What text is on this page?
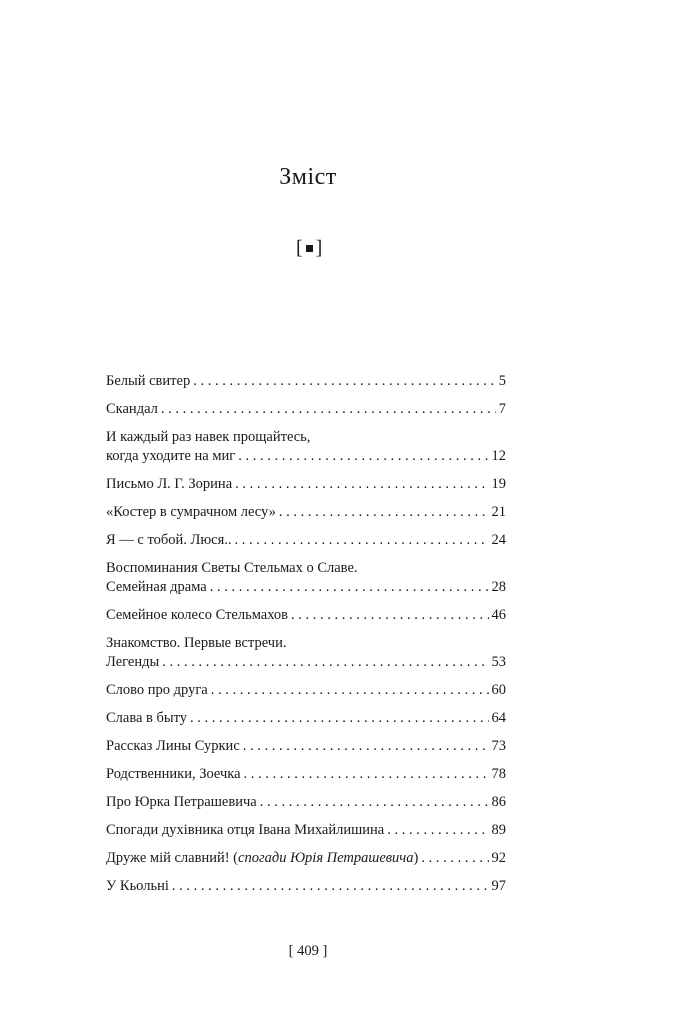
Зміст
[ ]
Белый свитер . . .	5
Скандал . . .	7
И каждый раз навек прощайтесь,
когда уходите на миг . . .	12
Письмо Л. Г. Зорина . . .	19
«Костер в сумрачном лесу» . . .	21
Я — с тобой. Люся.. . . .	24
Воспоминания Светы Стельмах о Славе.
Семейная драма . . .	28
Семейное колесо Стельмахов . . .	46
Знакомство. Первые встречи.
Легенды . . .	53
Слово про друга . . .	60
Слава в быту . . .	64
Рассказ Лины Суркис . . .	73
Родственники, Зоечка . . .	78
Про Юрка Петрашевича . . .	86
Спогади духівника отця Івана Михайлишина . . .	89
Друже мій славний! (спогади Юрія Петрашевича) . . .	92
У Кьольні . . .	97
[ 409 ]
